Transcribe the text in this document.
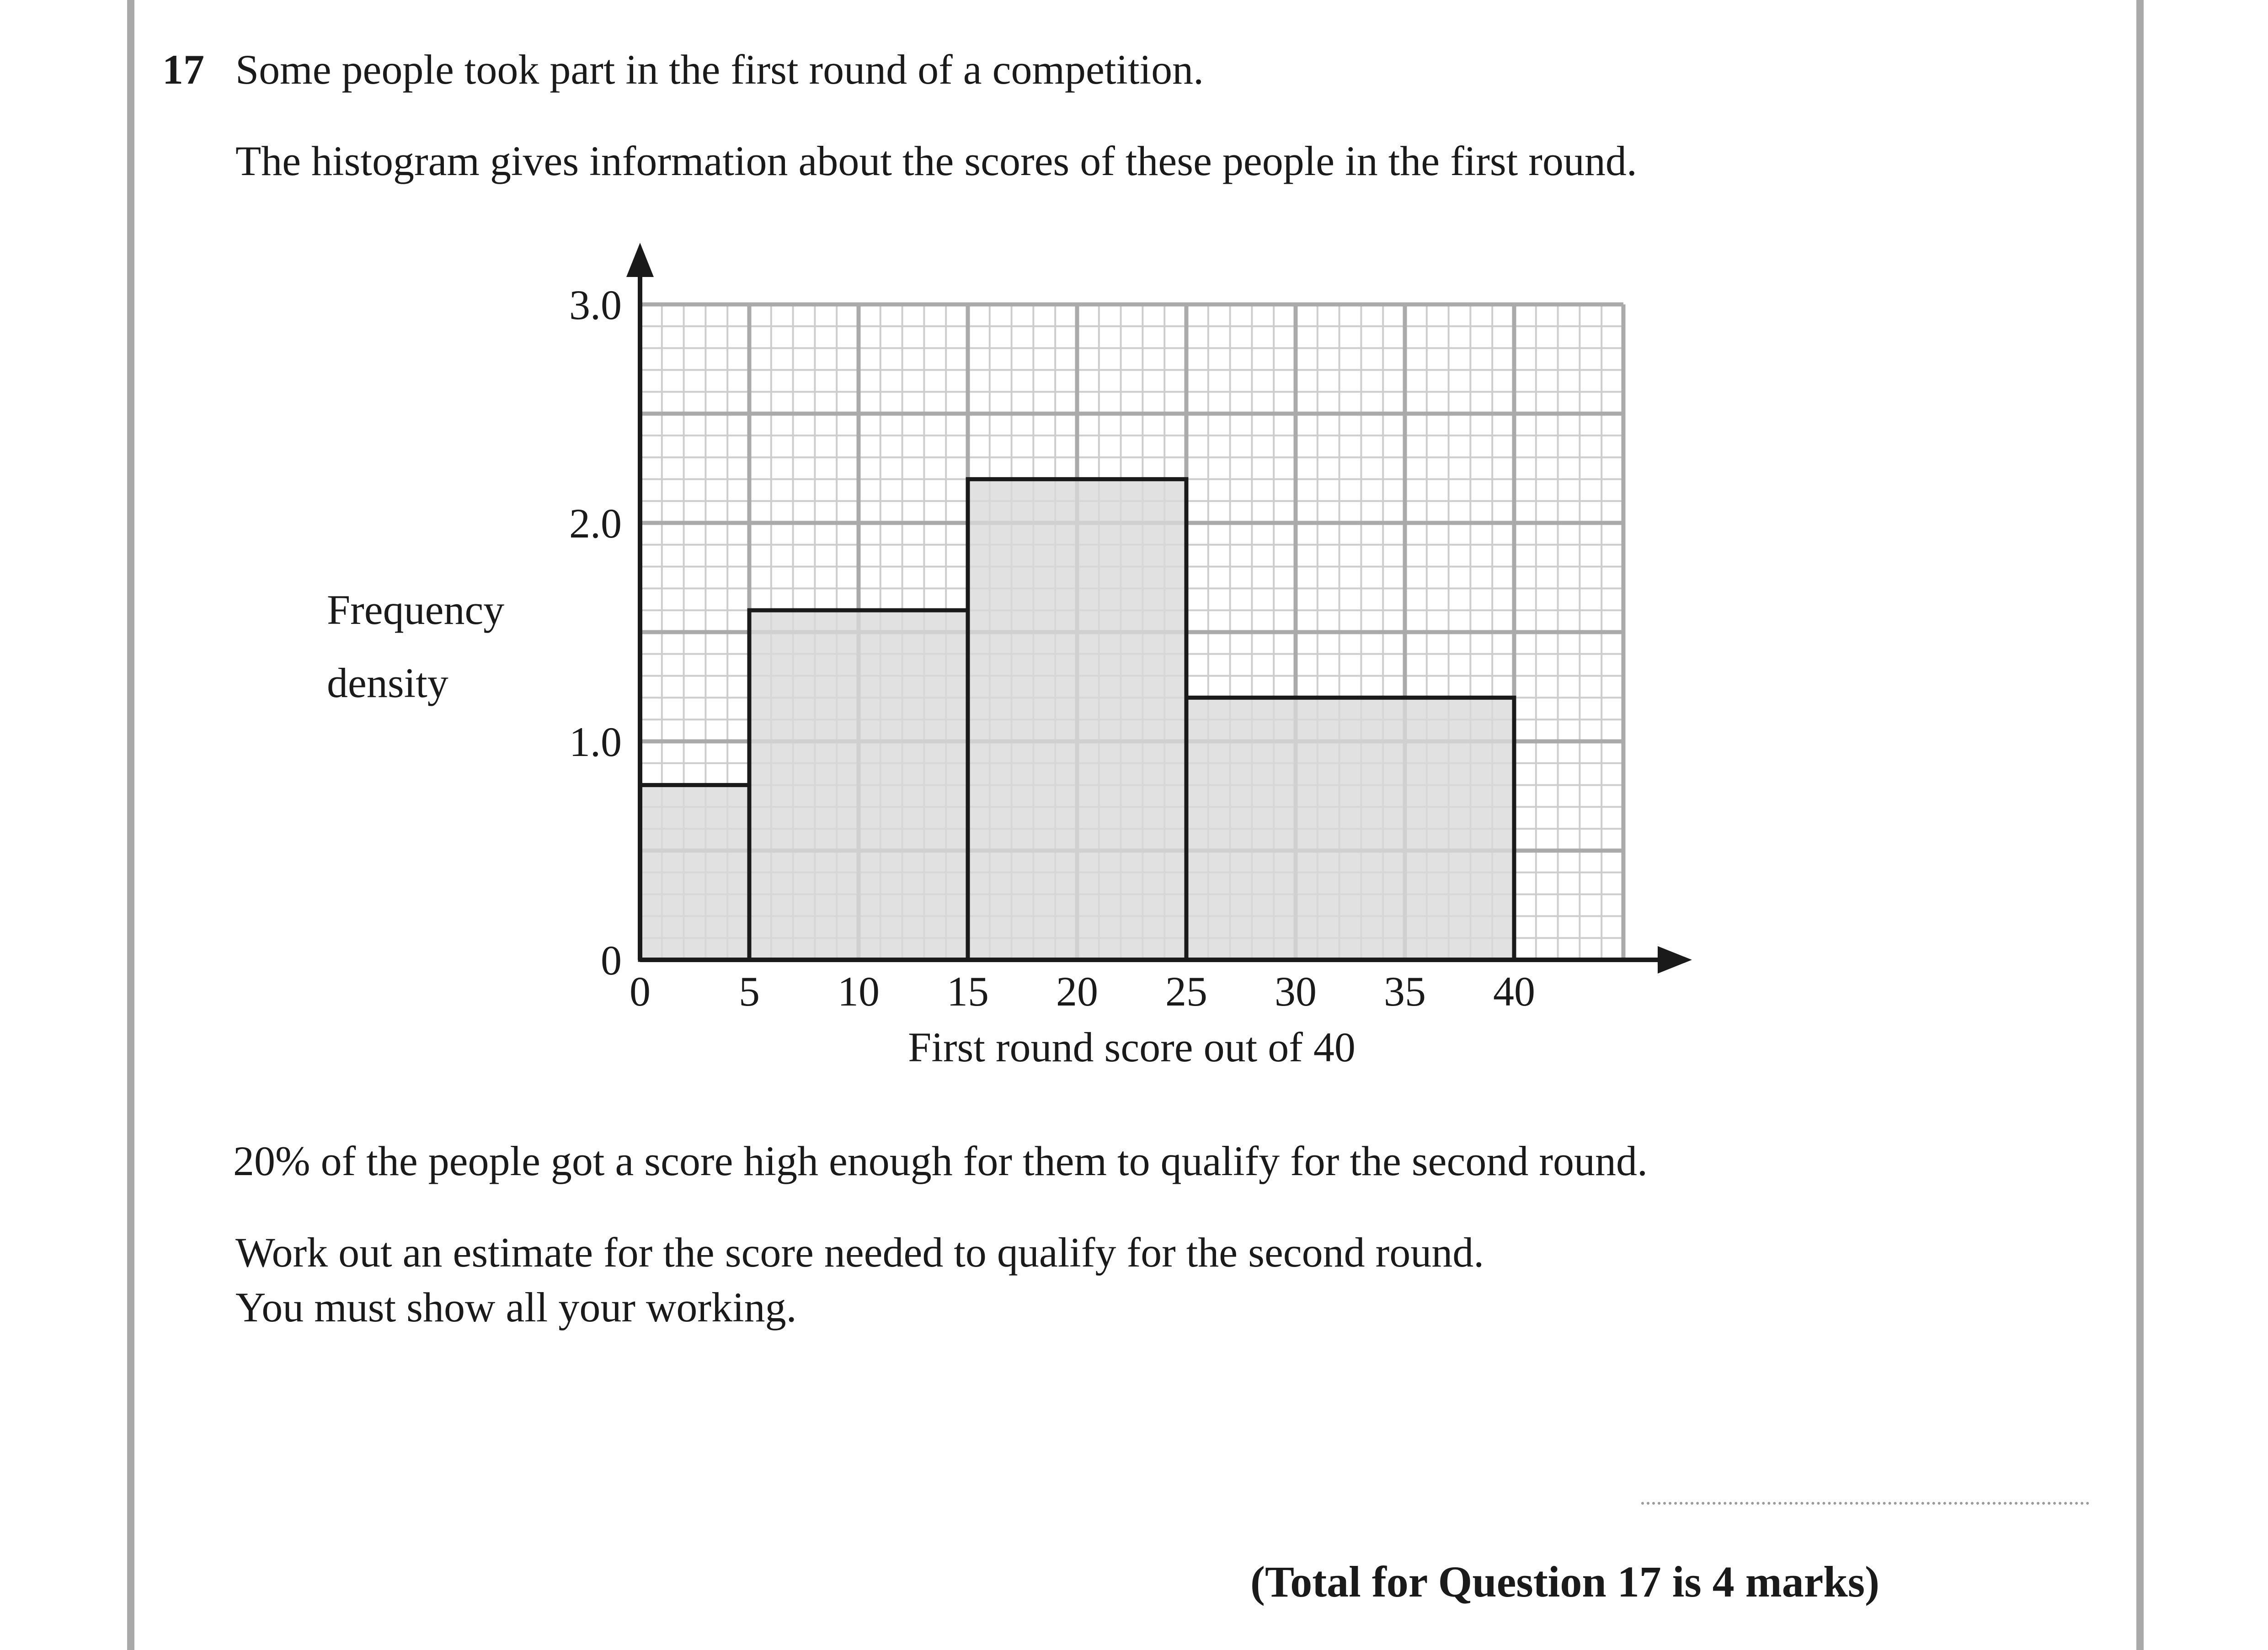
17 Some people took part in the first round of a competition.
The histogram gives information about the scores of these people in the first round.
0 5 10 15 20 25 30 35 40
0
1.0
2.0
3.0
First round score out of 40
Frequency
density
20% of the people got a score high enough for them to qualify for the second round.
Work out an estimate for the score needed to qualify for the second round.
You must show all your working.
(Total for Question 17 is 4 marks)
